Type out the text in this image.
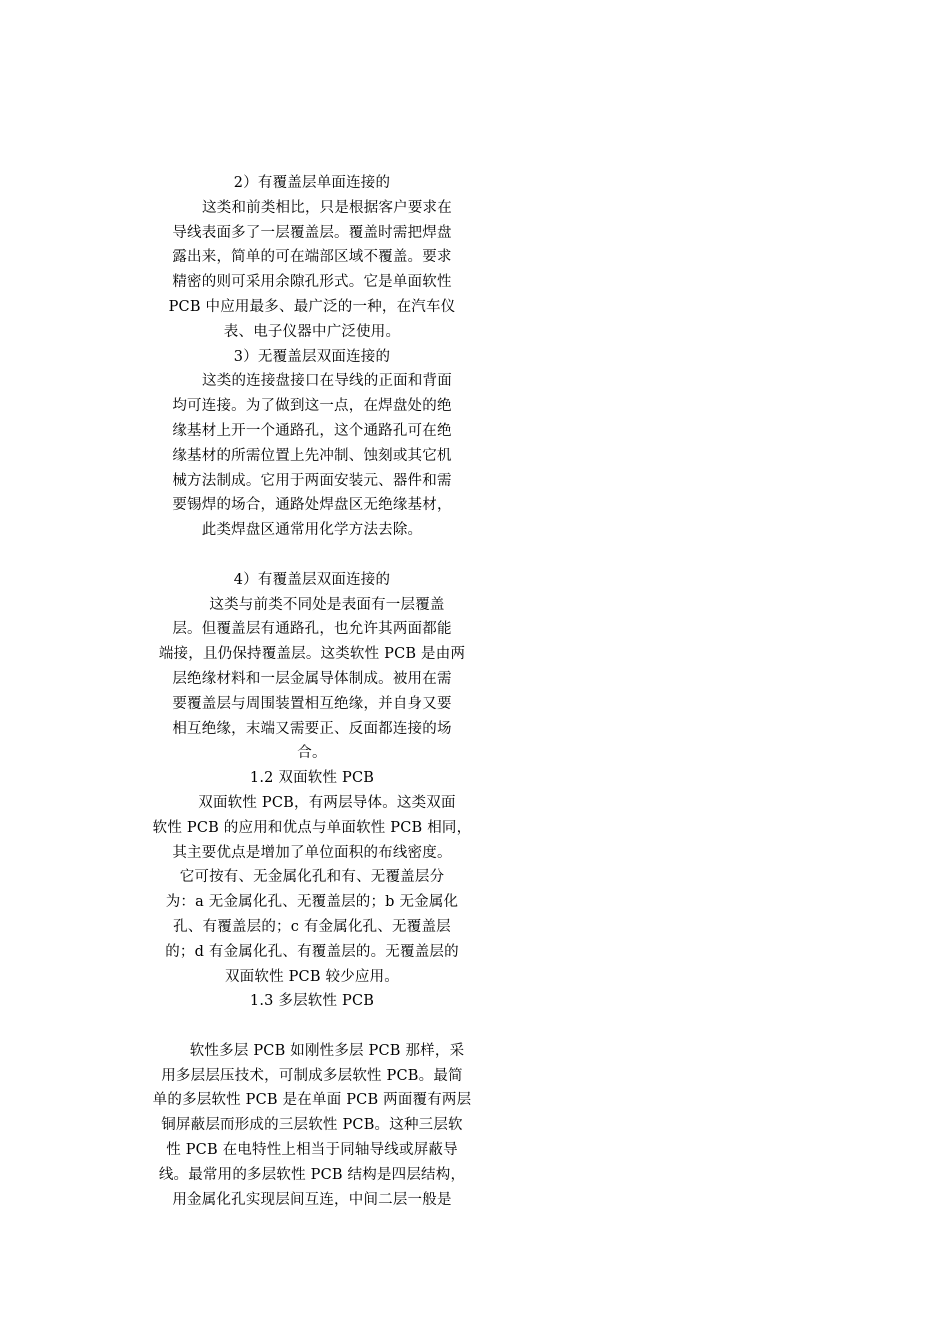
2）有覆盖层单面连接的
这类和前类相比，只是根据客户要求在
导线表面多了一层覆盖层。覆盖时需把焊盘
露出来，简单的可在端部区域不覆盖。要求
精密的则可采用余隙孔形式。它是单面软性
PCB 中应用最多、最广泛的一种，在汽车仪
表、电子仪器中广泛使用。
3）无覆盖层双面连接的
这类的连接盘接口在导线的正面和背面
均可连接。为了做到这一点，在焊盘处的绝
缘基材上开一个通路孔，这个通路孔可在绝
缘基材的所需位置上先冲制、蚀刻或其它机
械方法制成。它用于两面安装元、器件和需
要锡焊的场合，通路处焊盘区无绝缘基材，
此类焊盘区通常用化学方法去除。
4）有覆盖层双面连接的
这类与前类不同处是表面有一层覆盖
层。但覆盖层有通路孔，也允许其两面都能
端接，且仍保持覆盖层。这类软性 PCB 是由两
层绝缘材料和一层金属导体制成。被用在需
要覆盖层与周围装置相互绝缘，并自身又要
相互绝缘，末端又需要正、反面都连接的场
合。
1.2 双面软性 PCB
双面软性 PCB，有两层导体。这类双面
软性 PCB 的应用和优点与单面软性 PCB 相同，
其主要优点是增加了单位面积的布线密度。
它可按有、无金属化孔和有、无覆盖层分
为：a 无金属化孔、无覆盖层的；b 无金属化
孔、有覆盖层的；c 有金属化孔、无覆盖层
的；d 有金属化孔、有覆盖层的。无覆盖层的
双面软性 PCB 较少应用。
1.3 多层软性 PCB
软性多层 PCB 如刚性多层 PCB 那样，采
用多层层压技术，可制成多层软性 PCB。最简
单的多层软性 PCB 是在单面 PCB 两面覆有两层
铜屏蔽层而形成的三层软性 PCB。这种三层软
性 PCB 在电特性上相当于同轴导线或屏蔽导
线。最常用的多层软性 PCB 结构是四层结构，
用金属化孔实现层间互连，中间二层一般是
